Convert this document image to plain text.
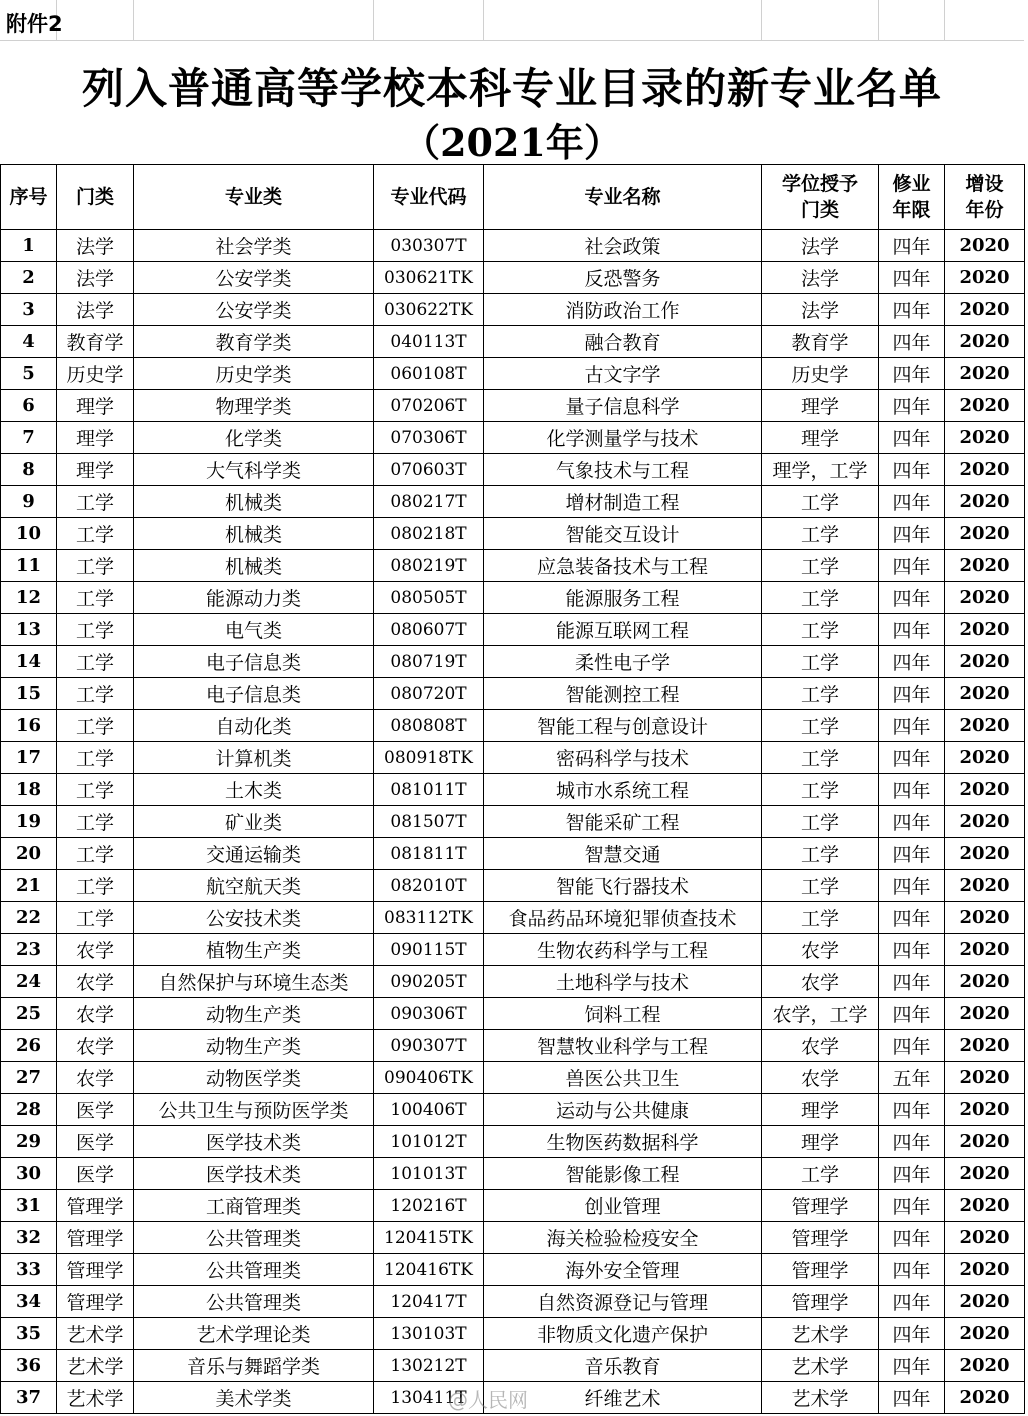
附件2
列入普通高等学校本科专业目录的新专业名单
（2021年）
序号	门类	专业类	专业代码	专业名称	学位授予门类	修业年限	增设年份
1	法学	社会学类	030307T	社会政策	法学	四年	2020
2	法学	公安学类	030621TK	反恐警务	法学	四年	2020
3	法学	公安学类	030622TK	消防政治工作	法学	四年	2020
4	教育学	教育学类	040113T	融合教育	教育学	四年	2020
5	历史学	历史学类	060108T	古文字学	历史学	四年	2020
6	理学	物理学类	070206T	量子信息科学	理学	四年	2020
7	理学	化学类	070306T	化学测量学与技术	理学	四年	2020
8	理学	大气科学类	070603T	气象技术与工程	理学，工学	四年	2020
9	工学	机械类	080217T	增材制造工程	工学	四年	2020
10	工学	机械类	080218T	智能交互设计	工学	四年	2020
11	工学	机械类	080219T	应急装备技术与工程	工学	四年	2020
12	工学	能源动力类	080505T	能源服务工程	工学	四年	2020
13	工学	电气类	080607T	能源互联网工程	工学	四年	2020
14	工学	电子信息类	080719T	柔性电子学	工学	四年	2020
15	工学	电子信息类	080720T	智能测控工程	工学	四年	2020
16	工学	自动化类	080808T	智能工程与创意设计	工学	四年	2020
17	工学	计算机类	080918TK	密码科学与技术	工学	四年	2020
18	工学	土木类	081011T	城市水系统工程	工学	四年	2020
19	工学	矿业类	081507T	智能采矿工程	工学	四年	2020
20	工学	交通运输类	081811T	智慧交通	工学	四年	2020
21	工学	航空航天类	082010T	智能飞行器技术	工学	四年	2020
22	工学	公安技术类	083112TK	食品药品环境犯罪侦查技术	工学	四年	2020
23	农学	植物生产类	090115T	生物农药科学与工程	农学	四年	2020
24	农学	自然保护与环境生态类	090205T	土地科学与技术	农学	四年	2020
25	农学	动物生产类	090306T	饲料工程	农学，工学	四年	2020
26	农学	动物生产类	090307T	智慧牧业科学与工程	农学	四年	2020
27	农学	动物医学类	090406TK	兽医公共卫生	农学	五年	2020
28	医学	公共卫生与预防医学类	100406T	运动与公共健康	理学	四年	2020
29	医学	医学技术类	101012T	生物医药数据科学	理学	四年	2020
30	医学	医学技术类	101013T	智能影像工程	工学	四年	2020
31	管理学	工商管理类	120216T	创业管理	管理学	四年	2020
32	管理学	公共管理类	120415TK	海关检验检疫安全	管理学	四年	2020
33	管理学	公共管理类	120416TK	海外安全管理	管理学	四年	2020
34	管理学	公共管理类	120417T	自然资源登记与管理	管理学	四年	2020
35	艺术学	艺术学理论类	130103T	非物质文化遗产保护	艺术学	四年	2020
36	艺术学	音乐与舞蹈学类	130212T	音乐教育	艺术学	四年	2020
37	艺术学	美术学类	130411T	纤维艺术	艺术学	四年	2020
@人民网
